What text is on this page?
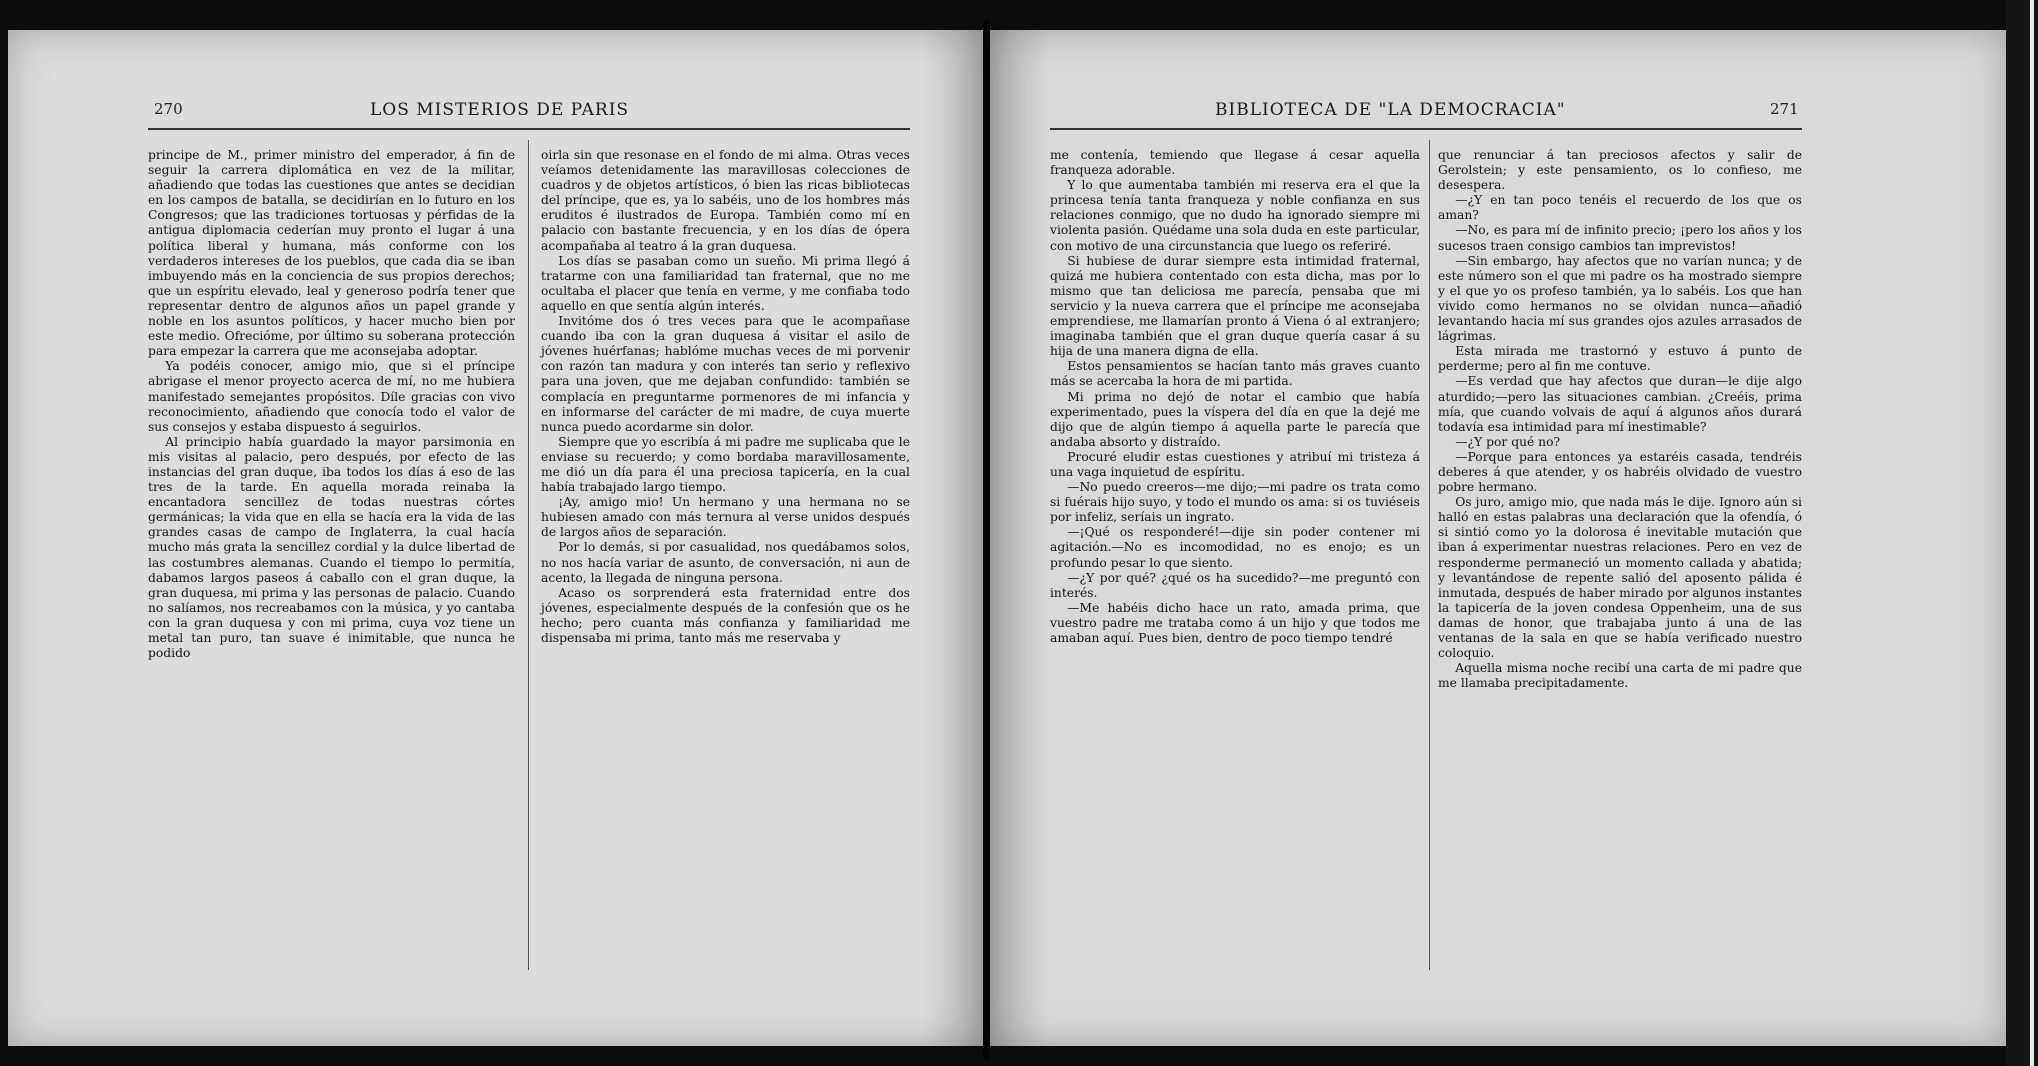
270	LOS MISTERIOS DE PARIS

principe de M., primer ministro del emperador, á fin de seguir la carrera diplomática en vez de la militar, añadiendo que todas las cuestiones que antes se decidian en los campos de batalla, se decidirían en lo futuro en los Congresos; que las tradiciones tortuosas y pérfidas de la antigua diplomacia cederían muy pronto el lugar á una política liberal y humana, más conforme con los verdaderos intereses de los pueblos, que cada dia se iban imbuyendo más en la conciencia de sus propios derechos; que un espíritu elevado, leal y generoso podría tener que representar dentro de algunos años un papel grande y noble en los asuntos políticos, y hacer mucho bien por este medio. Ofrecióme, por último su soberana protección para empezar la carrera que me aconsejaba adoptar.

Ya podéis conocer, amigo mio, que si el príncipe abrigase el menor proyecto acerca de mí, no me hubiera manifestado semejantes propósitos. Díle gracias con vivo reconocimiento, añadiendo que conocía todo el valor de sus consejos y estaba dispuesto á seguirlos.

Al principio había guardado la mayor parsimonia en mis visitas al palacio, pero después, por efecto de las instancias del gran duque, iba todos los días á eso de las tres de la tarde. En aquella morada reinaba la encantadora sencillez de todas nuestras córtes germánicas; la vida que en ella se hacía era la vida de las grandes casas de campo de Inglaterra, la cual hacía mucho más grata la sencillez cordial y la dulce libertad de las costumbres alemanas. Cuando el tiempo lo permitía, dabamos largos paseos á caballo con el gran duque, la gran duquesa, mi prima y las personas de palacio. Cuando no salíamos, nos recreabamos con la música, y yo cantaba con la gran duquesa y con mi prima, cuya voz tiene un metal tan puro, tan suave é inimitable, que nunca he podido

oirla sin que resonase en el fondo de mi alma. Otras veces veíamos detenidamente las maravillosas colecciones de cuadros y de objetos artísticos, ó bien las ricas bibliotecas del príncipe, que es, ya lo sabéis, uno de los hombres más eruditos é ilustrados de Europa. También como mí en palacio con bastante frecuencia, y en los días de ópera acompañaba al teatro á la gran duquesa.

Los días se pasaban como un sueño. Mi prima llegó á tratarme con una familiaridad tan fraternal, que no me ocultaba el placer que tenía en verme, y me confiaba todo aquello en que sentía algún interés.

Invitóme dos ó tres veces para que le acompañase cuando iba con la gran duquesa á visitar el asilo de jóvenes huérfanas; hablóme muchas veces de mi porvenir con razón tan madura y con interés tan serio y reflexivo para una joven, que me dejaban confundido: también se complacía en preguntarme pormenores de mi infancia y en informarse del carácter de mi madre, de cuya muerte nunca puedo acordarme sin dolor.

Siempre que yo escribía á mi padre me suplicaba que le enviase su recuerdo; y como bordaba maravillosamente, me dió un día para él una preciosa tapicería, en la cual había trabajado largo tiempo.

¡Ay, amigo mio! Un hermano y una hermana no se hubiesen amado con más ternura al verse unidos después de largos años de separación.

Por lo demás, si por casualidad, nos quedábamos solos, no nos hacía variar de asunto, de conversación, ni aun de acento, la llegada de ninguna persona.

Acaso os sorprenderá esta fraternidad entre dos jóvenes, especialmente después de la confesión que os he hecho; pero cuanta más confianza y familiaridad me dispensaba mi prima, tanto más me reservaba y

BIBLIOTECA DE "LA DEMOCRACIA"	271

me contenía, temiendo que llegase á cesar aquella franqueza adorable.

Y lo que aumentaba también mi reserva era el que la princesa tenía tanta franqueza y noble confianza en sus relaciones conmigo, que no dudo ha ignorado siempre mi violenta pasión. Quédame una sola duda en este particular, con motivo de una circunstancia que luego os referiré.

Si hubiese de durar siempre esta intimidad fraternal, quizá me hubiera contentado con esta dicha, mas por lo mismo que tan deliciosa me parecía, pensaba que mi servicio y la nueva carrera que el príncipe me aconsejaba emprendiese, me llamarían pronto á Viena ó al extranjero; imaginaba también que el gran duque quería casar á su hija de una manera digna de ella.

Estos pensamientos se hacían tanto más graves cuanto más se acercaba la hora de mi partida.

Mi prima no dejó de notar el cambio que había experimentado, pues la víspera del día en que la dejé me dijo que de algún tiempo á aquella parte le parecía que andaba absorto y distraído.

Procuré eludir estas cuestiones y atribuí mi tristeza á una vaga inquietud de espíritu.

—No puedo creeros—me dijo;—mi padre os trata como si fuérais hijo suyo, y todo el mundo os ama: si os tuviéseis por infeliz, seríais un ingrato.

—¡Qué os responderé!—dije sin poder contener mi agitación.—No es incomodidad, no es enojo; es un profundo pesar lo que siento.

—¿Y por qué? ¿qué os ha sucedido?—me preguntó con interés.

—Me habéis dicho hace un rato, amada prima, que vuestro padre me trataba como á un hijo y que todos me amaban aquí. Pues bien, dentro de poco tiempo tendré

que renunciar á tan preciosos afectos y salir de Gerolstein; y este pensamiento, os lo confieso, me desespera.

—¿Y en tan poco tenéis el recuerdo de los que os aman?

—No, es para mí de infinito precio; ¡pero los años y los sucesos traen consigo cambios tan imprevistos!

—Sin embargo, hay afectos que no varían nunca; y de este número son el que mi padre os ha mostrado siempre y el que yo os profeso también, ya lo sabéis. Los que han vivido como hermanos no se olvidan nunca—añadió levantando hacia mí sus grandes ojos azules arrasados de lágrimas.

Esta mirada me trastornó y estuvo á punto de perderme; pero al fin me contuve.

—Es verdad que hay afectos que duran—le dije algo aturdido;—pero las situaciones cambian. ¿Creéis, prima mía, que cuando volvais de aquí á algunos años durará todavía esa intimidad para mí inestimable?

—¿Y por qué no?

—Porque para entonces ya estaréis casada, tendréis deberes á que atender, y os habréis olvidado de vuestro pobre hermano.

Os juro, amigo mio, que nada más le dije. Ignoro aún si halló en estas palabras una declaración que la ofendía, ó si sintió como yo la dolorosa é inevitable mutación que iban á experimentar nuestras relaciones. Pero en vez de responderme permaneció un momento callada y abatida; y levantándose de repente salió del aposento pálida é inmutada, después de haber mirado por algunos instantes la tapicería de la joven condesa Oppenheim, una de sus damas de honor, que trabajaba junto á una de las ventanas de la sala en que se había verificado nuestro coloquio.

Aquella misma noche recibí una carta de mi padre que me llamaba precipitadamente.
